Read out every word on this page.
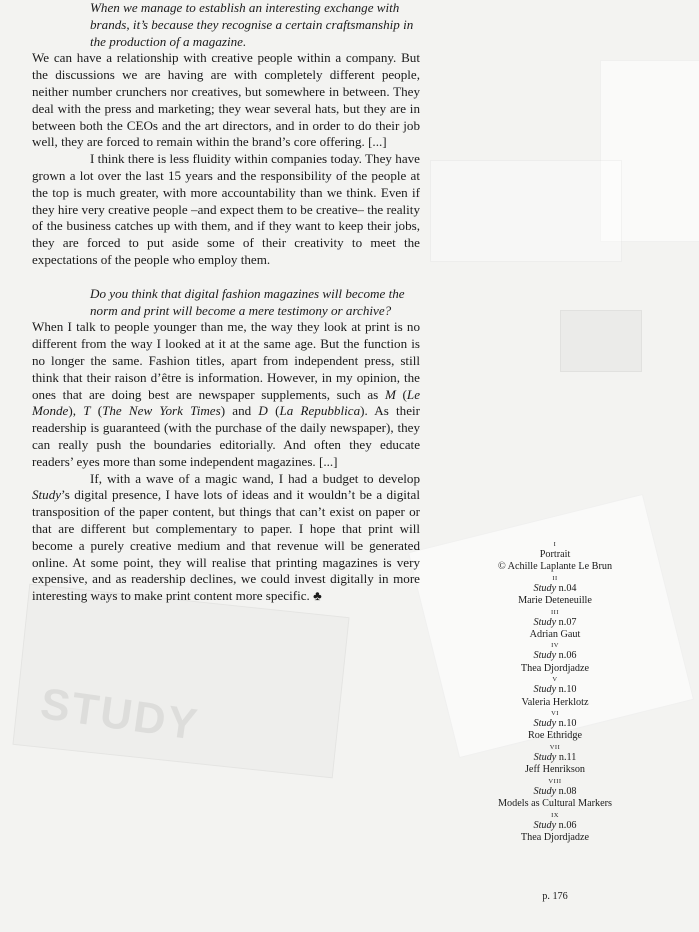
STUDY

When we manage to establish an interesting exchange with brands, it’s because they recognise a certain craftsmanship in the production of a magazine.

We can have a relationship with creative people within a company. But the discussions we are having are with completely different people, neither number crunchers nor creatives, but somewhere in between. They deal with the press and marketing; they wear several hats, but they are in between both the CEOs and the art directors, and in order to do their job well, they are forced to remain within the brand’s core offering. [...]

I think there is less fluidity within companies today. They have grown a lot over the last 15 years and the responsibility of the people at the top is much greater, with more accountability than we think. Even if they hire very creative people –and expect them to be creative– the reality of the business catches up with them, and if they want to keep their jobs, they are forced to put aside some of their creativity to meet the expectations of the people who employ them.

Do you think that digital fashion magazines will become the norm and print will become a mere testimony or archive?

When I talk to people younger than me, the way they look at print is no different from the way I looked at it at the same age. But the function is no longer the same. Fashion titles, apart from independent press, still think that their raison d’être is information. However, in my opinion, the ones that are doing best are newspaper supplements, such as M (Le Monde), T (The New York Times) and D (La Repubblica). As their readership is guaranteed (with the purchase of the daily newspaper), they can really push the boundaries editorially. And often they educate readers’ eyes more than some independent magazines. [...]

If, with a wave of a magic wand, I had a budget to develop Study’s digital presence, I have lots of ideas and it wouldn’t be a digital transposition of the paper content, but things that can’t exist on paper or that are different but complementary to paper. I hope that print will become a purely creative medium and that revenue will be generated online. At some point, they will realise that printing magazines is very expensive, and as readership declines, we could invest digitally in more interesting ways to make print content more specific. ♣

I
Portrait
© Achille Laplante Le Brun
II
Study n.04
Marie Deteneuille
III
Study n.07
Adrian Gaut
IV
Study n.06
Thea Djordjadze
V
Study n.10
Valeria Herklotz
VI
Study n.10
Roe Ethridge
VII
Study n.11
Jeff Henrikson
VIII
Study n.08
Models as Cultural Markers
IX
Study n.06
Thea Djordjadze
p. 176
